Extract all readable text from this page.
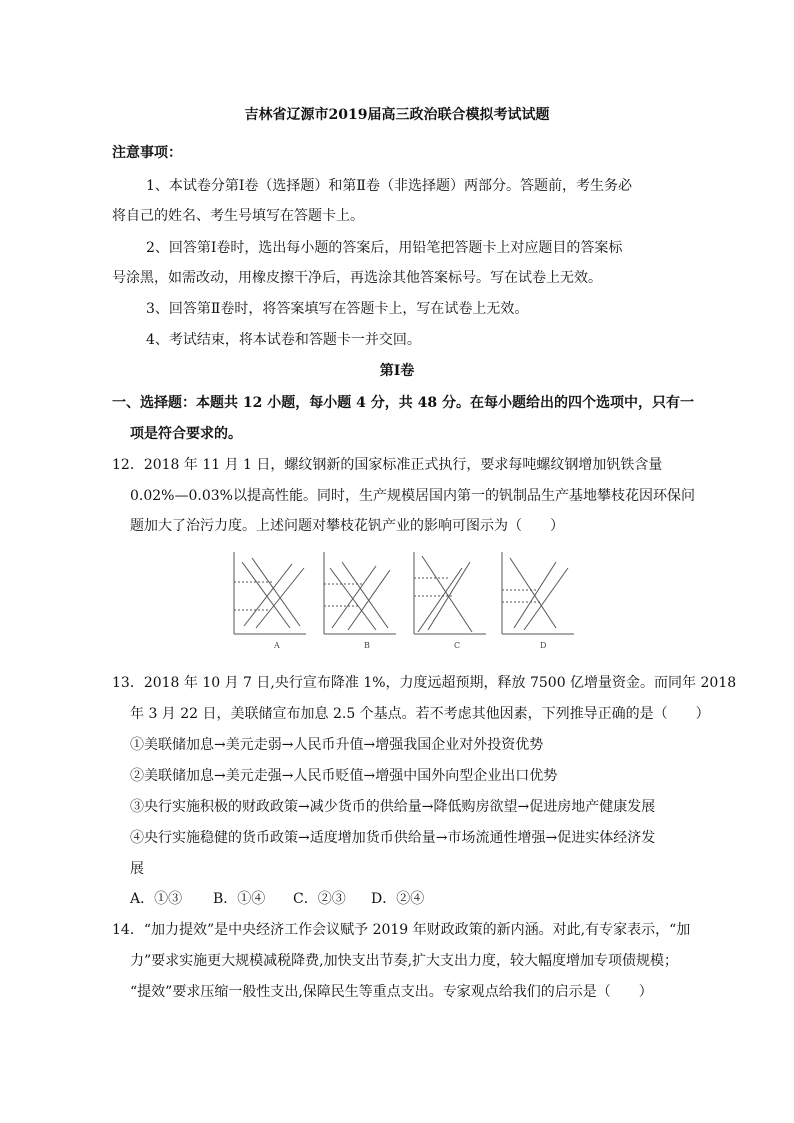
吉林省辽源市2019届高三政治联合模拟考试试题
注意事项：
1、本试卷分第Ⅰ卷（选择题）和第Ⅱ卷（非选择题）两部分。答题前，考生务必
将自己的姓名、考生号填写在答题卡上。
2、回答第Ⅰ卷时，选出每小题的答案后，用铅笔把答题卡上对应题目的答案标
号涂黑，如需改动，用橡皮擦干净后，再选涂其他答案标号。写在试卷上无效。
3、回答第Ⅱ卷时，将答案填写在答题卡上，写在试卷上无效。
4、考试结束，将本试卷和答题卡一并交回。
第Ⅰ卷
一、选择题：本题共 12 小题，每小题 4 分，共 48 分。在每小题给出的四个选项中，只有一
项是符合要求的。
12．2018 年 11 月 1 日，螺纹钢新的国家标准正式执行，要求每吨螺纹钢增加钒铁含量
0.02%—0.03%以提高性能。同时，生产规模居国内第一的钒制品生产基地攀枝花因环保问
题加大了治污力度。上述问题对攀枝花钒产业的影响可图示为（　　）
A	B	C	D
13．2018 年 10 月 7 日,央行宣布降准 1%，力度远超预期，释放 7500 亿增量资金。而同年 2018
年 3 月 22 日，美联储宣布加息 2.5 个基点。若不考虑其他因素，下列推导正确的是（　　）
①美联储加息→美元走弱→人民币升值→增强我国企业对外投资优势
②美联储加息→美元走强→人民币贬值→增强中国外向型企业出口优势
③央行实施积极的财政政策→减少货币的供给量→降低购房欲望→促进房地产健康发展
④央行实施稳健的货币政策→适度增加货币供给量→市场流通性增强→促进实体经济发
展
A．①③ B．①④ C．②③ D．②④
14．“加力提效”是中央经济工作会议赋予 2019 年财政政策的新内涵。对此,有专家表示，“加
力”要求实施更大规模减税降费,加快支出节奏,扩大支出力度，较大幅度增加专项债规模；
“提效”要求压缩一般性支出,保障民生等重点支出。专家观点给我们的启示是（　　）
